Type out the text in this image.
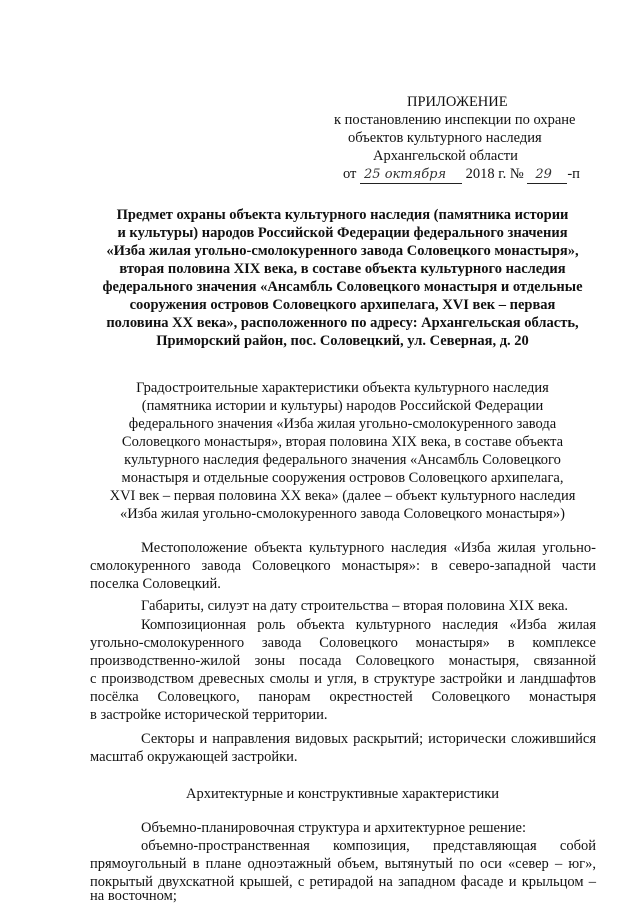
ПРИЛОЖЕНИЕ
к постановлению инспекции по охране
объектов культурного наследия
Архангельской области
от 25 октября 2018 г. № 29 -п
Предмет охраны объекта культурного наследия (памятника истории
и культуры) народов Российской Федерации федерального значения
«Изба жилая угольно-смолокуренного завода Соловецкого монастыря»,
вторая половина XIX века, в составе объекта культурного наследия
федерального значения «Ансамбль Соловецкого монастыря и отдельные
сооружения островов Соловецкого архипелага, XVI век – первая
половина XX века», расположенного по адресу: Архангельская область,
Приморский район, пос. Соловецкий, ул. Северная, д. 20
Градостроительные характеристики объекта культурного наследия
(памятника истории и культуры) народов Российской Федерации
федерального значения «Изба жилая угольно-смолокуренного завода
Соловецкого монастыря», вторая половина XIX века, в составе объекта
культурного наследия федерального значения «Ансамбль Соловецкого
монастыря и отдельные сооружения островов Соловецкого архипелага,
XVI век – первая половина XX века» (далее – объект культурного наследия
«Изба жилая угольно-смолокуренного завода Соловецкого монастыря»)
Местоположение объекта культурного наследия «Изба жилая угольно-
смолокуренного завода Соловецкого монастыря»: в северо-западной части
поселка Соловецкий.
Габариты, силуэт на дату строительства – вторая половина XIX века.
Композиционная роль объекта культурного наследия «Изба жилая
угольно-смолокуренного завода Соловецкого монастыря» в комплексе
производственно-жилой зоны посада Соловецкого монастыря, связанной
с производством древесных смолы и угля, в структуре застройки и ландшафтов
посёлка Соловецкого, панорам окрестностей Соловецкого монастыря
в застройке исторической территории.
Секторы и направления видовых раскрытий; исторически сложившийся
масштаб окружающей застройки.
Архитектурные и конструктивные характеристики
Объемно-планировочная структура и архитектурное решение:
объемно-пространственная композиция, представляющая собой
прямоугольный в плане одноэтажный объем, вытянутый по оси «север – юг»,
покрытый двухскатной крышей, с ретирадой на западном фасаде и крыльцом –
на восточном;
